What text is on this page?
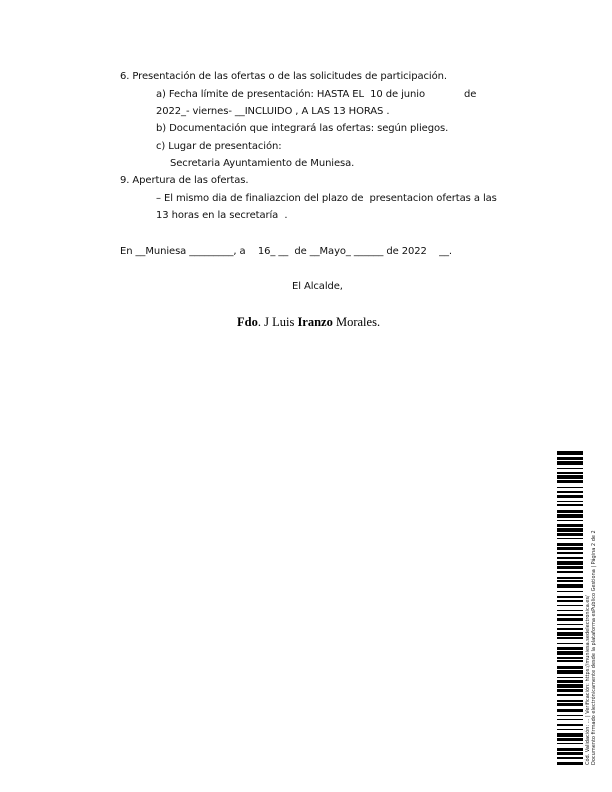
6. Presentación de las ofertas o de las solicitudes de participación.
a) Fecha límite de presentación: HASTA EL  10 de junio	de
2022_- viernes- __INCLUIDO , A LAS 13 HORAS .
b) Documentación que integrará las ofertas: según pliegos.
c) Lugar de presentación:
Secretaria Ayuntamiento de Muniesa.
9. Apertura de las ofertas.
– El mismo dia de finaliazcion del plazo de  presentacion ofertas a las
13 horas en la secretaría  .
En __Muniesa _________, a    16_ __  de __Mayo_ ______ de 2022    __.
El Alcalde,
Fdo. J Luis Iranzo Morales.
Cód. Validación: ... | Verificación: https://muniesa.sedelectronica.es/ Documento firmado electrónicamente desde la plataforma esPublico Gestiona | Página 2 de 2
